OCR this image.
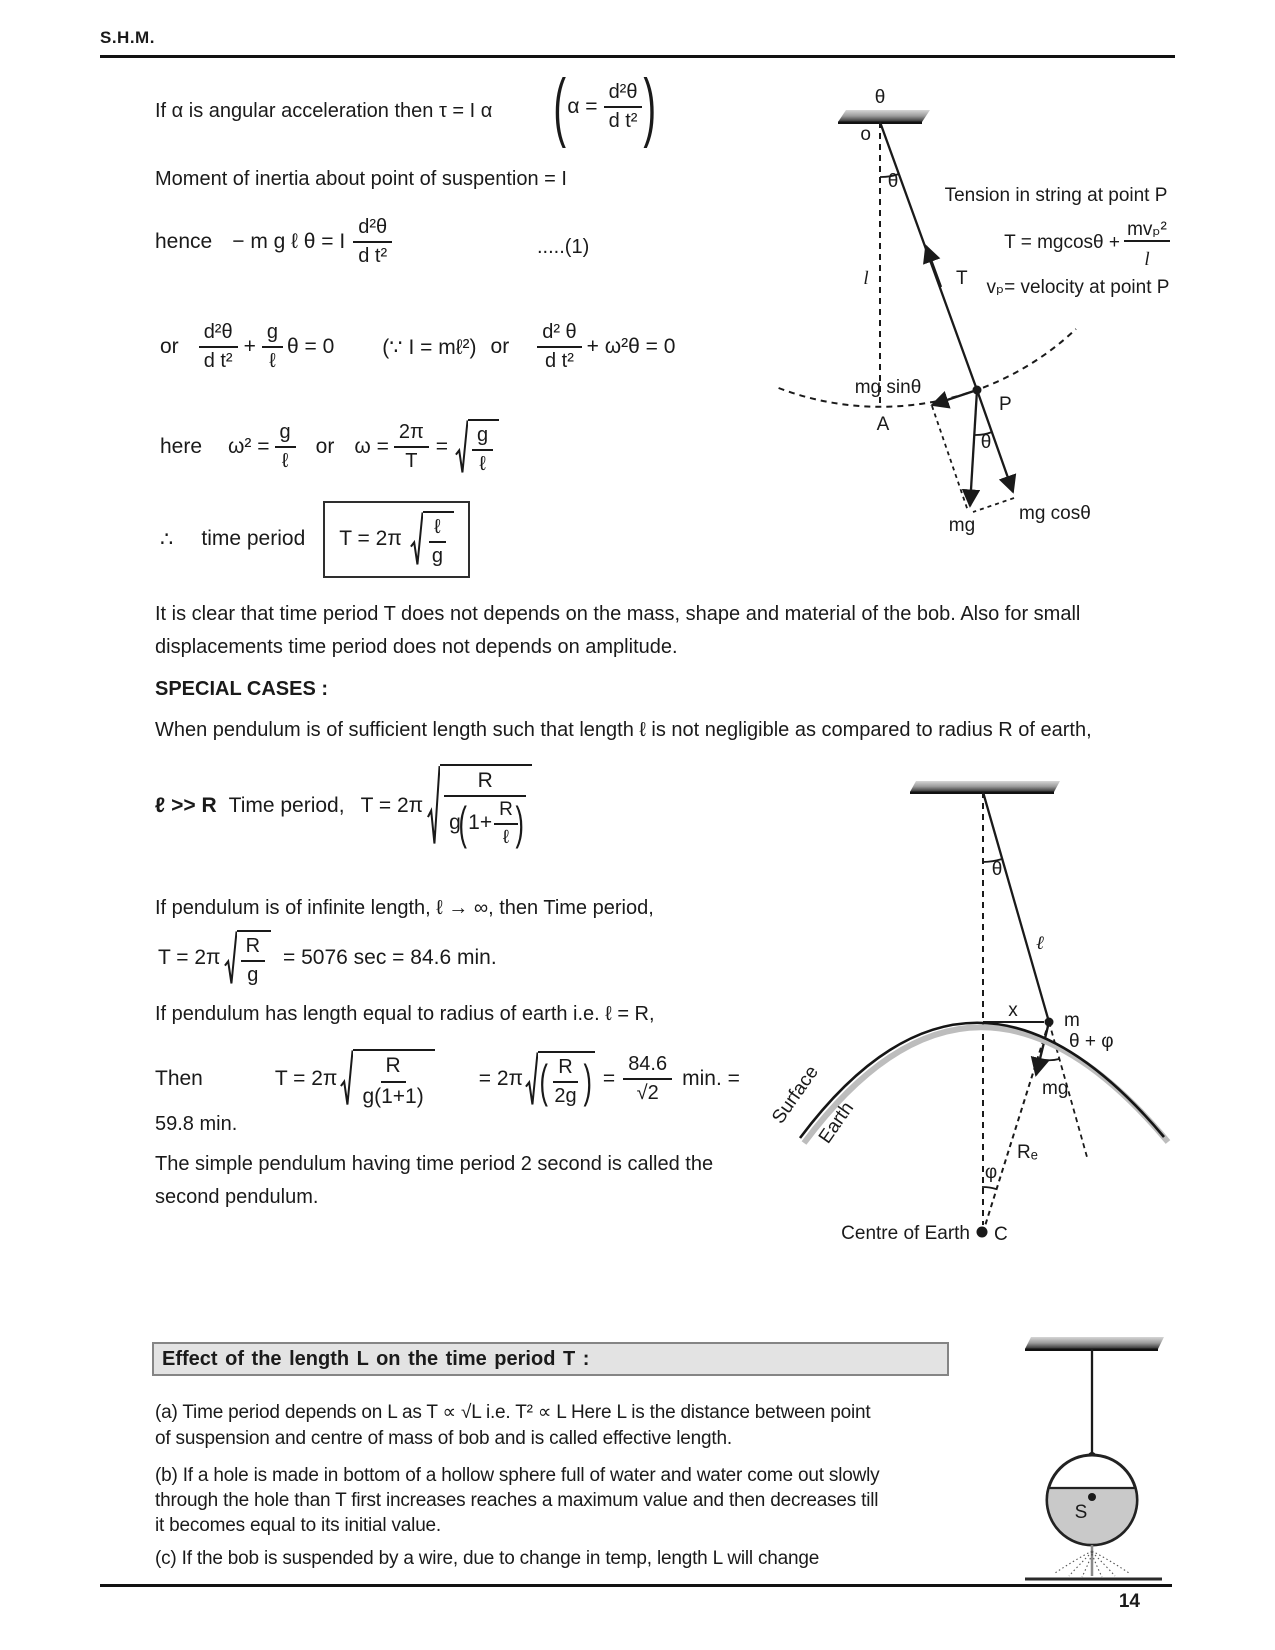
S.H.M.
If α is angular acceleration then τ = I α ( $\alpha = \frac{\text{d²θ}}{\text{d t²}}$ )
Moment of inertia about point of suspention = I
hence − m g ℓ θ = I $\frac{\text{d²θ}}{\text{d t²}}$	.....(1)
or $\frac{\text{d²θ}}{\text{d t²}}$ +
g
ℓ
θ = 0 (∵ I = mℓ²) or $\frac{\text{d² θ}}{\text{d t²}} + \omega^2\theta = 0$
here ω² =
g
ℓ
or $\omega = \frac{2\pi}{T}$ =
g
ℓ
∴ time period T = 2π
ℓ
g
It is clear that time period T does not depends on the mass, shape and material of the bob. Also for small
displacements time period does not depends on amplitude.
SPECIAL CASES :
When pendulum is of sufficient length such that length ℓ is not negligible as compared to radius R of earth,
ℓ >> R Time period, T = 2π
R
g
( 1+
R
ℓ )
If pendulum is of infinite length, ℓ → ∞, then Time period,
$T = 2\pi \frac{R}{g} = 5076$ sec = 84.6 min.
If pendulum has length equal to radius of earth i.e. ℓ = R,
Then	$T = 2\pi \frac{R}{g(1+1)} = 2\pi$ ( $\frac{R}{2g}$ ) = $\frac{84.6}{√2} \min$. =
59.8 min.
The simple pendulum having time period 2 second is called the
second pendulum.
Effect of the length L on the time period T :
(a) Time period depends on L as T ∝ √L i.e. T² ∝ L Here L is the distance between point
of suspension and centre of mass of bob and is called effective length.
(b) If a hole is made in bottom of a hollow sphere full of water and water come out slowly
through the hole than T first increases reaches a maximum value and then decreases till
it becomes equal to its initial value.
(c) If the bob is suspended by a wire, due to change in temp, length L will change
θ
o
θ
T
l
P
mg sinθ
A
θ
mg
mg cosθ
Tension in string at point P
T = mgcosθ +
mvₚ²
l
vₚ= velocity at point P
θ
ℓ
x m
θ + φ
mg
Rₑ
Surface
Earth
φ
C
Centre of Earth
S
14
